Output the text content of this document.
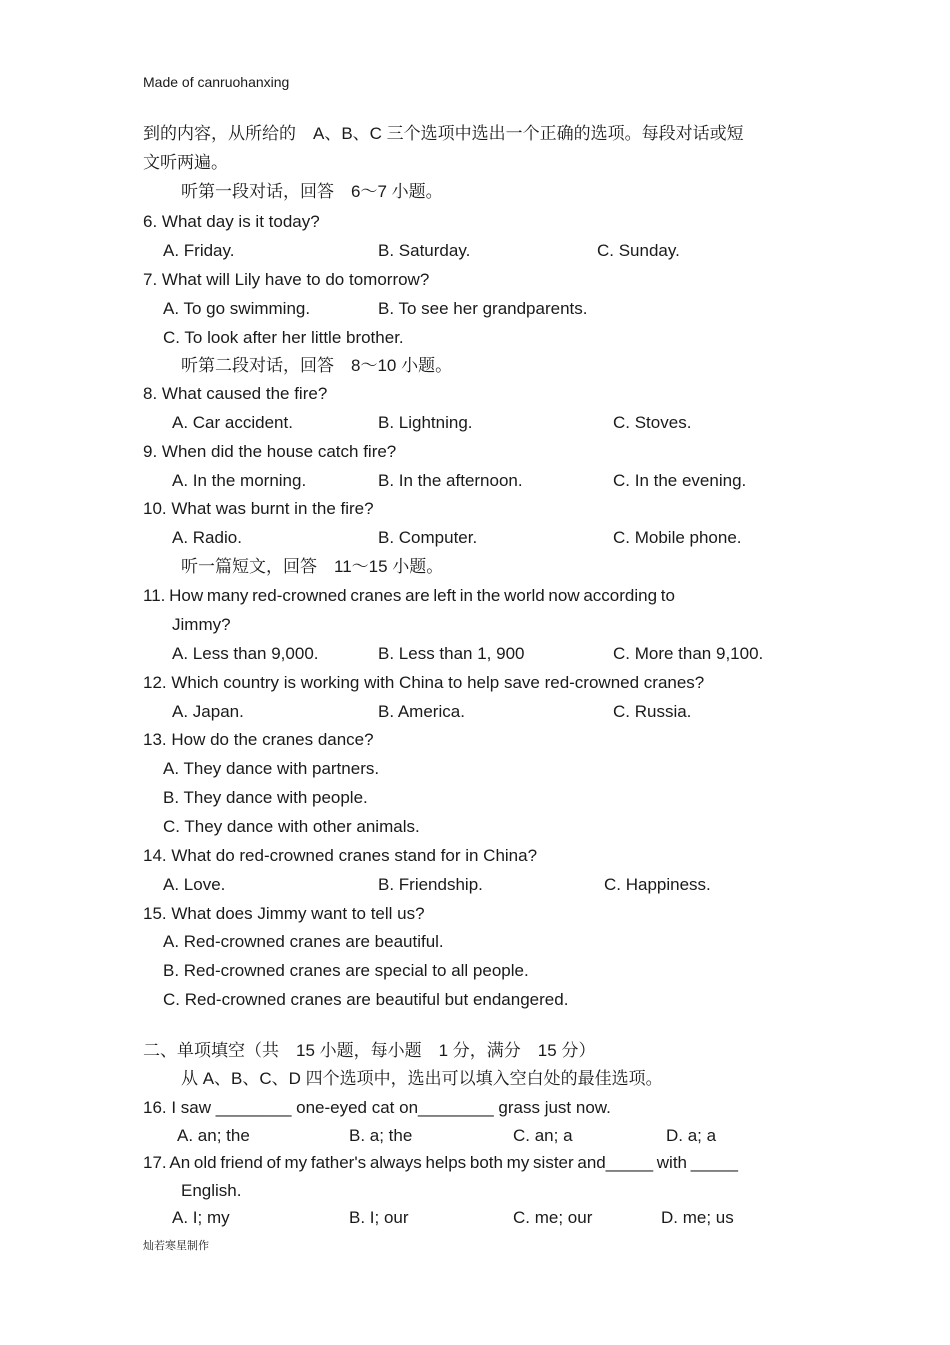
Made of canruohanxing
到的内容，从所给的　A、B、C 三个选项中选出一个正确的选项。每段对话或短
文听两遍。
听第一段对话，回答　6～7 小题。
6. What day is it today?
A. Friday.	B. Saturday.	C. Sunday.
7. What will Lily have to do tomorrow?
A. To go swimming.	B. To see her grandparents.
C. To look after her little brother.
听第二段对话，回答　8～10 小题。
8. What caused the fire?
A. Car accident.	B. Lightning.	C. Stoves.
9. When did the house catch fire?
A. In the morning.	B. In the afternoon.	C. In the evening.
10. What was burnt in the fire?
A. Radio.	B. Computer.	C. Mobile phone.
听一篇短文，回答　11～15 小题。
11. How many red-crowned cranes are left in the world now according to
Jimmy?
A. Less than 9,000.	B. Less than 1, 900	C. More than 9,100.
12. Which country is working with China to help save red-crowned cranes?
A. Japan.	B. America.	C. Russia.
13. How do the cranes dance?
A. They dance with partners.
B. They dance with people.
C. They dance with other animals.
14. What do red-crowned cranes stand for in China?
A. Love.	B. Friendship.	C. Happiness.
15. What does Jimmy want to tell us?
A. Red-crowned cranes are beautiful.
B. Red-crowned cranes are special to all people.
C. Red-crowned cranes are beautiful but endangered.
二、单项填空（共　15 小题，每小题　1 分，满分　15 分）
从 A、B、C、D 四个选项中，选出可以填入空白处的最佳选项。
16. I saw ________ one-eyed cat on________ grass just now.
A. an; the	B. a; the	C. an; a	D. a; a
17. An old friend of my father's always helps both my sister and_____ with _____
English.
A. I; my	B. I; our	C. me; our	D. me; us
灿若寒星制作
